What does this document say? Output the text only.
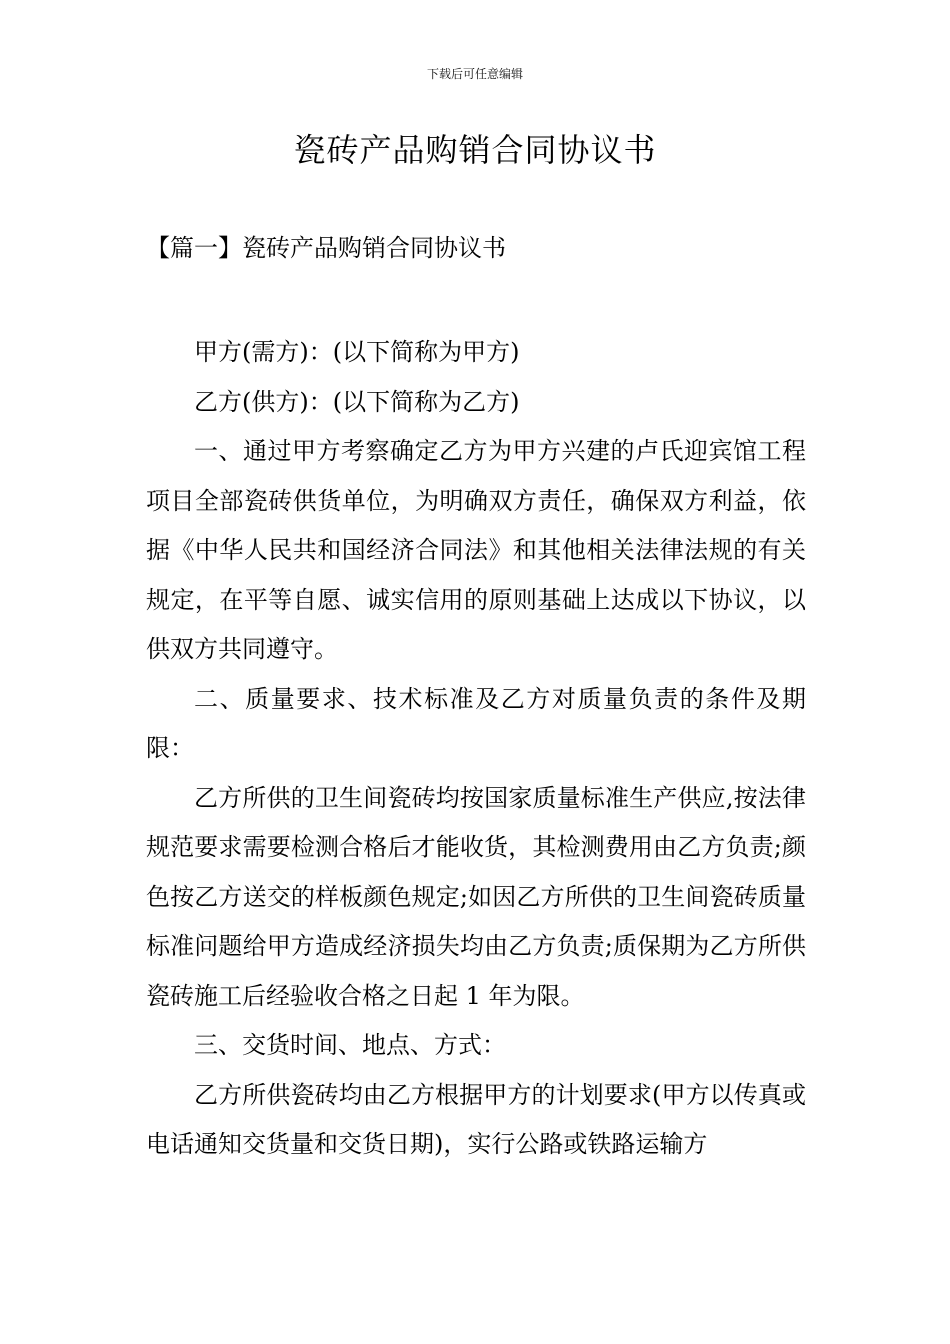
下载后可任意编辑
瓷砖产品购销合同协议书
【篇一】瓷砖产品购销合同协议书

甲方(需方)：(以下简称为甲方)

乙方(供方)：(以下简称为乙方)

一、通过甲方考察确定乙方为甲方兴建的卢氏迎宾馆工程项目全部瓷砖供货单位，为明确双方责任，确保双方利益，依据《中华人民共和国经济合同法》和其他相关法律法规的有关规定，在平等自愿、诚实信用的原则基础上达成以下协议，以供双方共同遵守。

二、质量要求、技术标准及乙方对质量负责的条件及期限：

乙方所供的卫生间瓷砖均按国家质量标准生产供应,按法律规范要求需要检测合格后才能收货，其检测费用由乙方负责;颜色按乙方送交的样板颜色规定;如因乙方所供的卫生间瓷砖质量标准问题给甲方造成经济损失均由乙方负责;质保期为乙方所供瓷砖施工后经验收合格之日起 1 年为限。

三、交货时间、地点、方式：

乙方所供瓷砖均由乙方根据甲方的计划要求(甲方以传真或电话通知交货量和交货日期)，实行公路或铁路运输方
